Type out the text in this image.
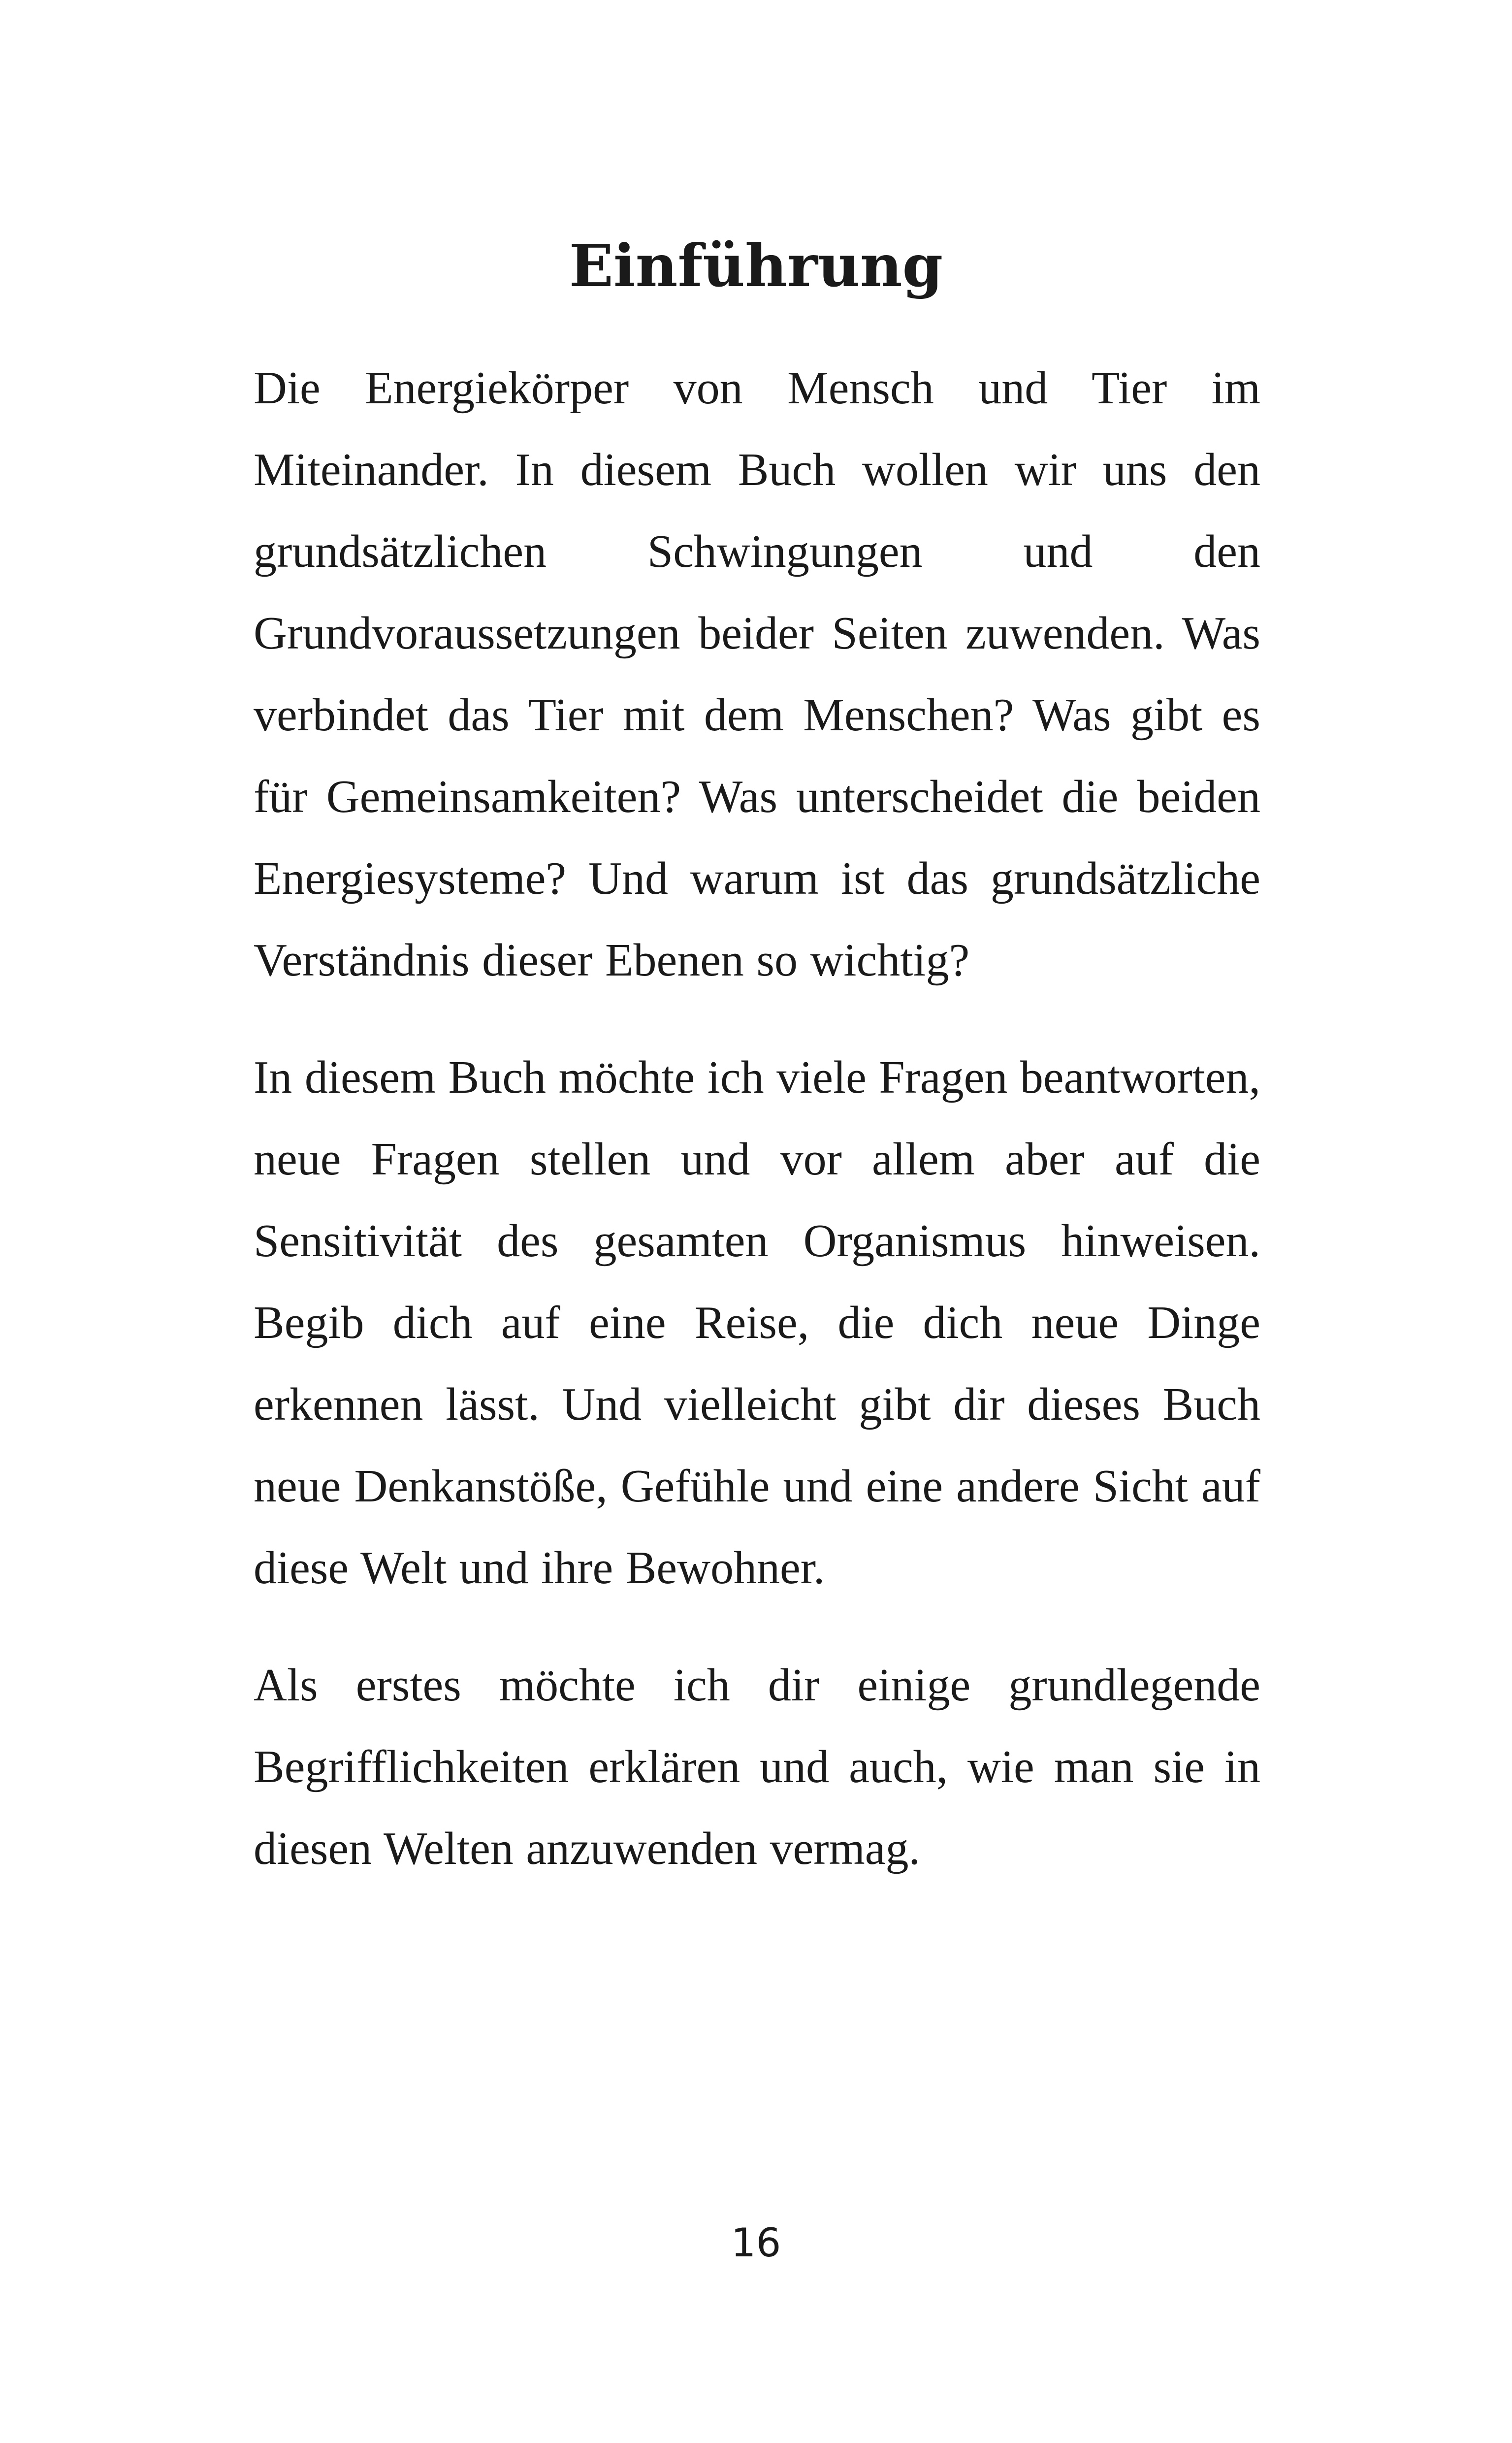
Einführung

Die Energiekörper von Mensch und Tier im Miteinander. In diesem Buch wollen wir uns den grundsätzlichen Schwingungen und den Grundvoraussetzungen beider Seiten zuwenden. Was verbindet das Tier mit dem Menschen? Was gibt es für Gemeinsamkeiten? Was unterscheidet die beiden Energiesysteme? Und warum ist das grundsätzliche Verständnis dieser Ebenen so wichtig?

In diesem Buch möchte ich viele Fragen beantworten, neue Fragen stellen und vor allem aber auf die Sensitivität des gesamten Organismus hinweisen. Begib dich auf eine Reise, die dich neue Dinge erkennen lässt. Und vielleicht gibt dir dieses Buch neue Denkanstöße, Gefühle und eine andere Sicht auf diese Welt und ihre Bewohner.

Als erstes möchte ich dir einige grundlegende Begrifflichkeiten erklären und auch, wie man sie in diesen Welten anzuwenden vermag.

16
